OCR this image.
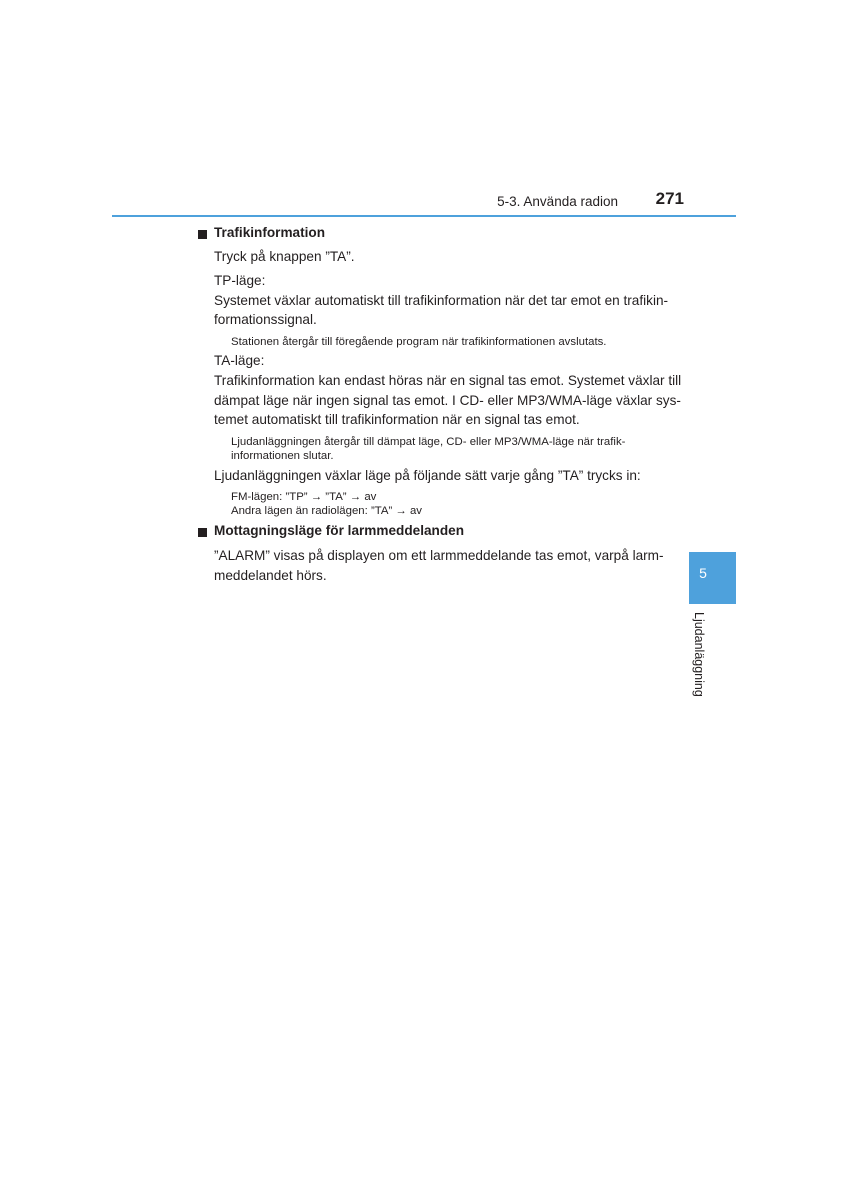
5-3. Använda radion	271
Trafikinformation
Tryck på knappen ”TA”.
TP-läge:
Systemet växlar automatiskt till trafikinformation när det tar emot en trafikin-
formationssignal.
Stationen återgår till föregående program när trafikinformationen avslutats.
TA-läge:
Trafikinformation kan endast höras när en signal tas emot. Systemet växlar till
dämpat läge när ingen signal tas emot. I CD- eller MP3/WMA-läge växlar sys-
temet automatiskt till trafikinformation när en signal tas emot.
Ljudanläggningen återgår till dämpat läge, CD- eller MP3/WMA-läge när trafik-
informationen slutar.
Ljudanläggningen växlar läge på följande sätt varje gång ”TA” trycks in:
FM-lägen: ”TP” → ”TA” → av
Andra lägen än radiolägen: ”TA” → av
Mottagningsläge för larmmeddelanden
”ALARM” visas på displayen om ett larmmeddelande tas emot, varpå larm-
meddelandet hörs.	5
Ljudanläggning
